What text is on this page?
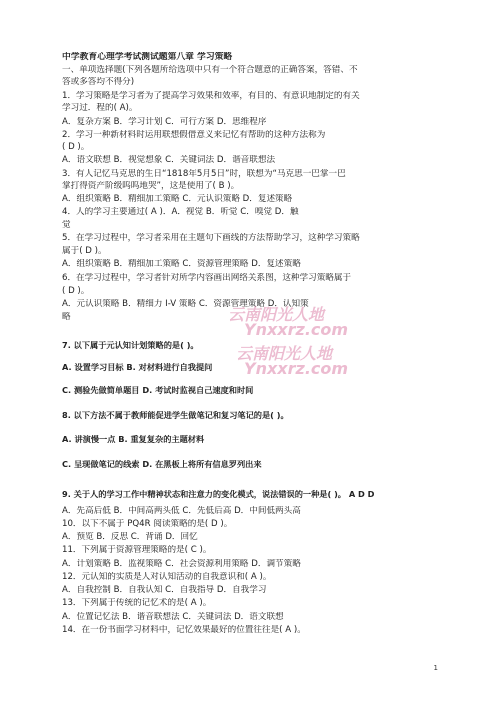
中学教育心理学考试测试题第八章 学习策略
一、单项选择题(下列各题所给选项中只有一个符合题意的正确答案，答错、不
答或多答均不得分)
1．学习策略是学习者为了提高学习效果和效率，有目的、有意识地制定的有关
学习过．程的( A)。
A．复杂方案 B．学习计划 C．可行方案 D．思维程序
2．学习一种新材料时运用联想假借意义来记忆有帮助的这种方法称为
( D )。
A．语文联想 B．视觉想象 C．关键词法 D．谐音联想法
3．有人记忆马克思的生日“1818年5月5日”时，联想为“马克思一巴掌一巴
掌打得资产阶级呜呜地哭”，这是使用了( B )。
A．组织策略 B．精细加工策略 C．元认识策略 D．复述策略
4．人的学习主要通过( A )．A．视觉 B．听觉 C．嗅觉 D．触
觉
5．在学习过程中，学习者采用在主题句下画线的方法帮助学习，这种学习策略
属于( D )。
A．组织策略 B．精细加工策略 C．资源管理策略 D．复述策略
6．在学习过程中，学习者针对所学内容画出网络关系图，这种学习策略属于
( D )。
A．元认识策略 B．精细力 I-V 策略 C．资源管理策略 D．认知策
略
7. 以下属于元认知计划策略的是( )。
A. 设置学习目标 B. 对材料进行自我提问
C. 测验先做简单题目 D. 考试时监视自己速度和时间
8. 以下方法不属于教师能促进学生做笔记和复习笔记的是( )。
A. 讲演慢一点 B. 重复复杂的主题材料
C. 呈现做笔记的线索 D. 在黑板上将所有信息罗列出来
9. 关于人的学习工作中精神状态和注意力的变化模式，说法错误的一种是( )。 A D D
A．先高后低 B．中间高两头低 C．先低后高 D．中间低两头高
10．以下不属于 PQ4R 阅读策略的是( D )。
A．预览 B．反思 C．背诵 D．回忆
11．下列属于资源管理策略的是( C )。
A．计划策略 B．监视策略 C．社会资源利用策略 D．调节策略
12．元认知的实质是人对认知活动的自我意识和( A )。
A．自我控制 B．自我认知 C．自我指导 D．自我学习
13．下列属于传统的记忆术的是( A )。
A．位置记忆法 B．谐音联想法 C．关键词法 D．语文联想
14．在一份书面学习材料中，记忆效果最好的位置往往是( A )。
云南阳光人地
Ynxxrz.com
云南阳光人地
Ynxxrz.com
1
